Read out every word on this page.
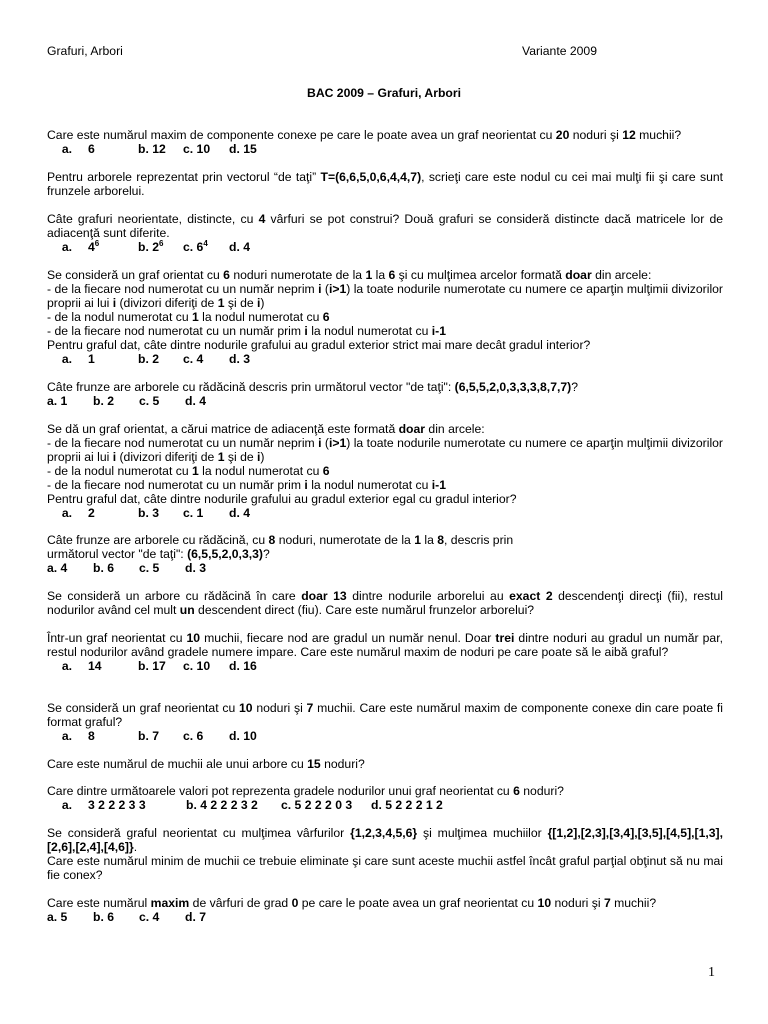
Grafuri, Arbori	Variante 2009
BAC 2009 – Grafuri, Arbori
Care este numărul maxim de componente conexe pe care le poate avea un graf neorientat cu 20 noduri şi 12 muchii?
a. 6	b. 12	c. 10	d. 15
Pentru arborele reprezentat prin vectorul “de taţi” T=(6,6,5,0,6,4,4,7), scrieţi care este nodul cu cei mai mulţi fii şi care sunt frunzele arborelui.
Câte grafuri neorientate, distincte, cu 4 vârfuri se pot construi? Două grafuri se consideră distincte dacă matricele lor de adiacenţă sunt diferite.
a. $4^6$	b. $2^6$	c. $6^4$	d. 4
Se consideră un graf orientat cu 6 noduri numerotate de la 1 la 6 şi cu mulţimea arcelor formată doar din arcele:
- de la fiecare nod numerotat cu un număr neprim i (i>1) la toate nodurile numerotate cu numere ce aparţin mulţimii divizorilor proprii ai lui i (divizori diferiţi de 1 şi de i)
- de la nodul numerotat cu 1 la nodul numerotat cu 6
- de la fiecare nod numerotat cu un număr prim i la nodul numerotat cu i-1
Pentru graful dat, câte dintre nodurile grafului au gradul exterior strict mai mare decât gradul interior?
a. 1	b. 2	c. 4	d. 3
Câte frunze are arborele cu rădăcină descris prin următorul vector "de taţi": (6,5,5,2,0,3,3,3,8,7,7)?
a. 1	b. 2	c. 5	d. 4
Se dă un graf orientat, a cărui matrice de adiacenţă este formată doar din arcele:
- de la fiecare nod numerotat cu un număr neprim i (i>1) la toate nodurile numerotate cu numere ce aparţin mulţimii divizorilor proprii ai lui i (divizori diferiţi de 1 şi de i)
- de la nodul numerotat cu 1 la nodul numerotat cu 6
- de la fiecare nod numerotat cu un număr prim i la nodul numerotat cu i-1
Pentru graful dat, câte dintre nodurile grafului au gradul exterior egal cu gradul interior?
a. 2	b. 3	c. 1	d. 4
Câte frunze are arborele cu rădăcină, cu 8 noduri, numerotate de la 1 la 8, descris prin
următorul vector "de taţi": (6,5,5,2,0,3,3)?
a. 4	b. 6	c. 5	d. 3
Se consideră un arbore cu rădăcină în care doar 13 dintre nodurile arborelui au exact 2 descendenţi direcţi (fii), restul nodurilor având cel mult un descendent direct (fiu). Care este numărul frunzelor arborelui?
Într-un graf neorientat cu 10 muchii, fiecare nod are gradul un număr nenul. Doar trei dintre noduri au gradul un număr par, restul nodurilor având gradele numere impare. Care este numărul maxim de noduri pe care poate să le aibă graful?
a. 14	b. 17	c. 10	d. 16
Se consideră un graf neorientat cu 10 noduri şi 7 muchii. Care este numărul maxim de componente conexe din care poate fi format graful?
a. 8	b. 7	c. 6	d. 10
Care este numărul de muchii ale unui arbore cu 15 noduri?
Care dintre următoarele valori pot reprezenta gradele nodurilor unui graf neorientat cu 6 noduri?
a. 3 2 2 2 3 3	b. 4 2 2 2 3 2	c. 5 2 2 2 0 3	d. 5 2 2 2 1 2
Se consideră graful neorientat cu mulţimea vârfurilor {1,2,3,4,5,6} şi mulţimea muchiilor {[1,2],[2,3],[3,4],[3,5],[4,5],[1,3],[2,6],[2,4],[4,6]}.
Care este numărul minim de muchii ce trebuie eliminate şi care sunt aceste muchii astfel încât graful parţial obţinut să nu mai fie conex?
Care este numărul maxim de vârfuri de grad 0 pe care le poate avea un graf neorientat cu 10 noduri şi 7 muchii?
a. 5	b. 6	c. 4	d. 7
1
